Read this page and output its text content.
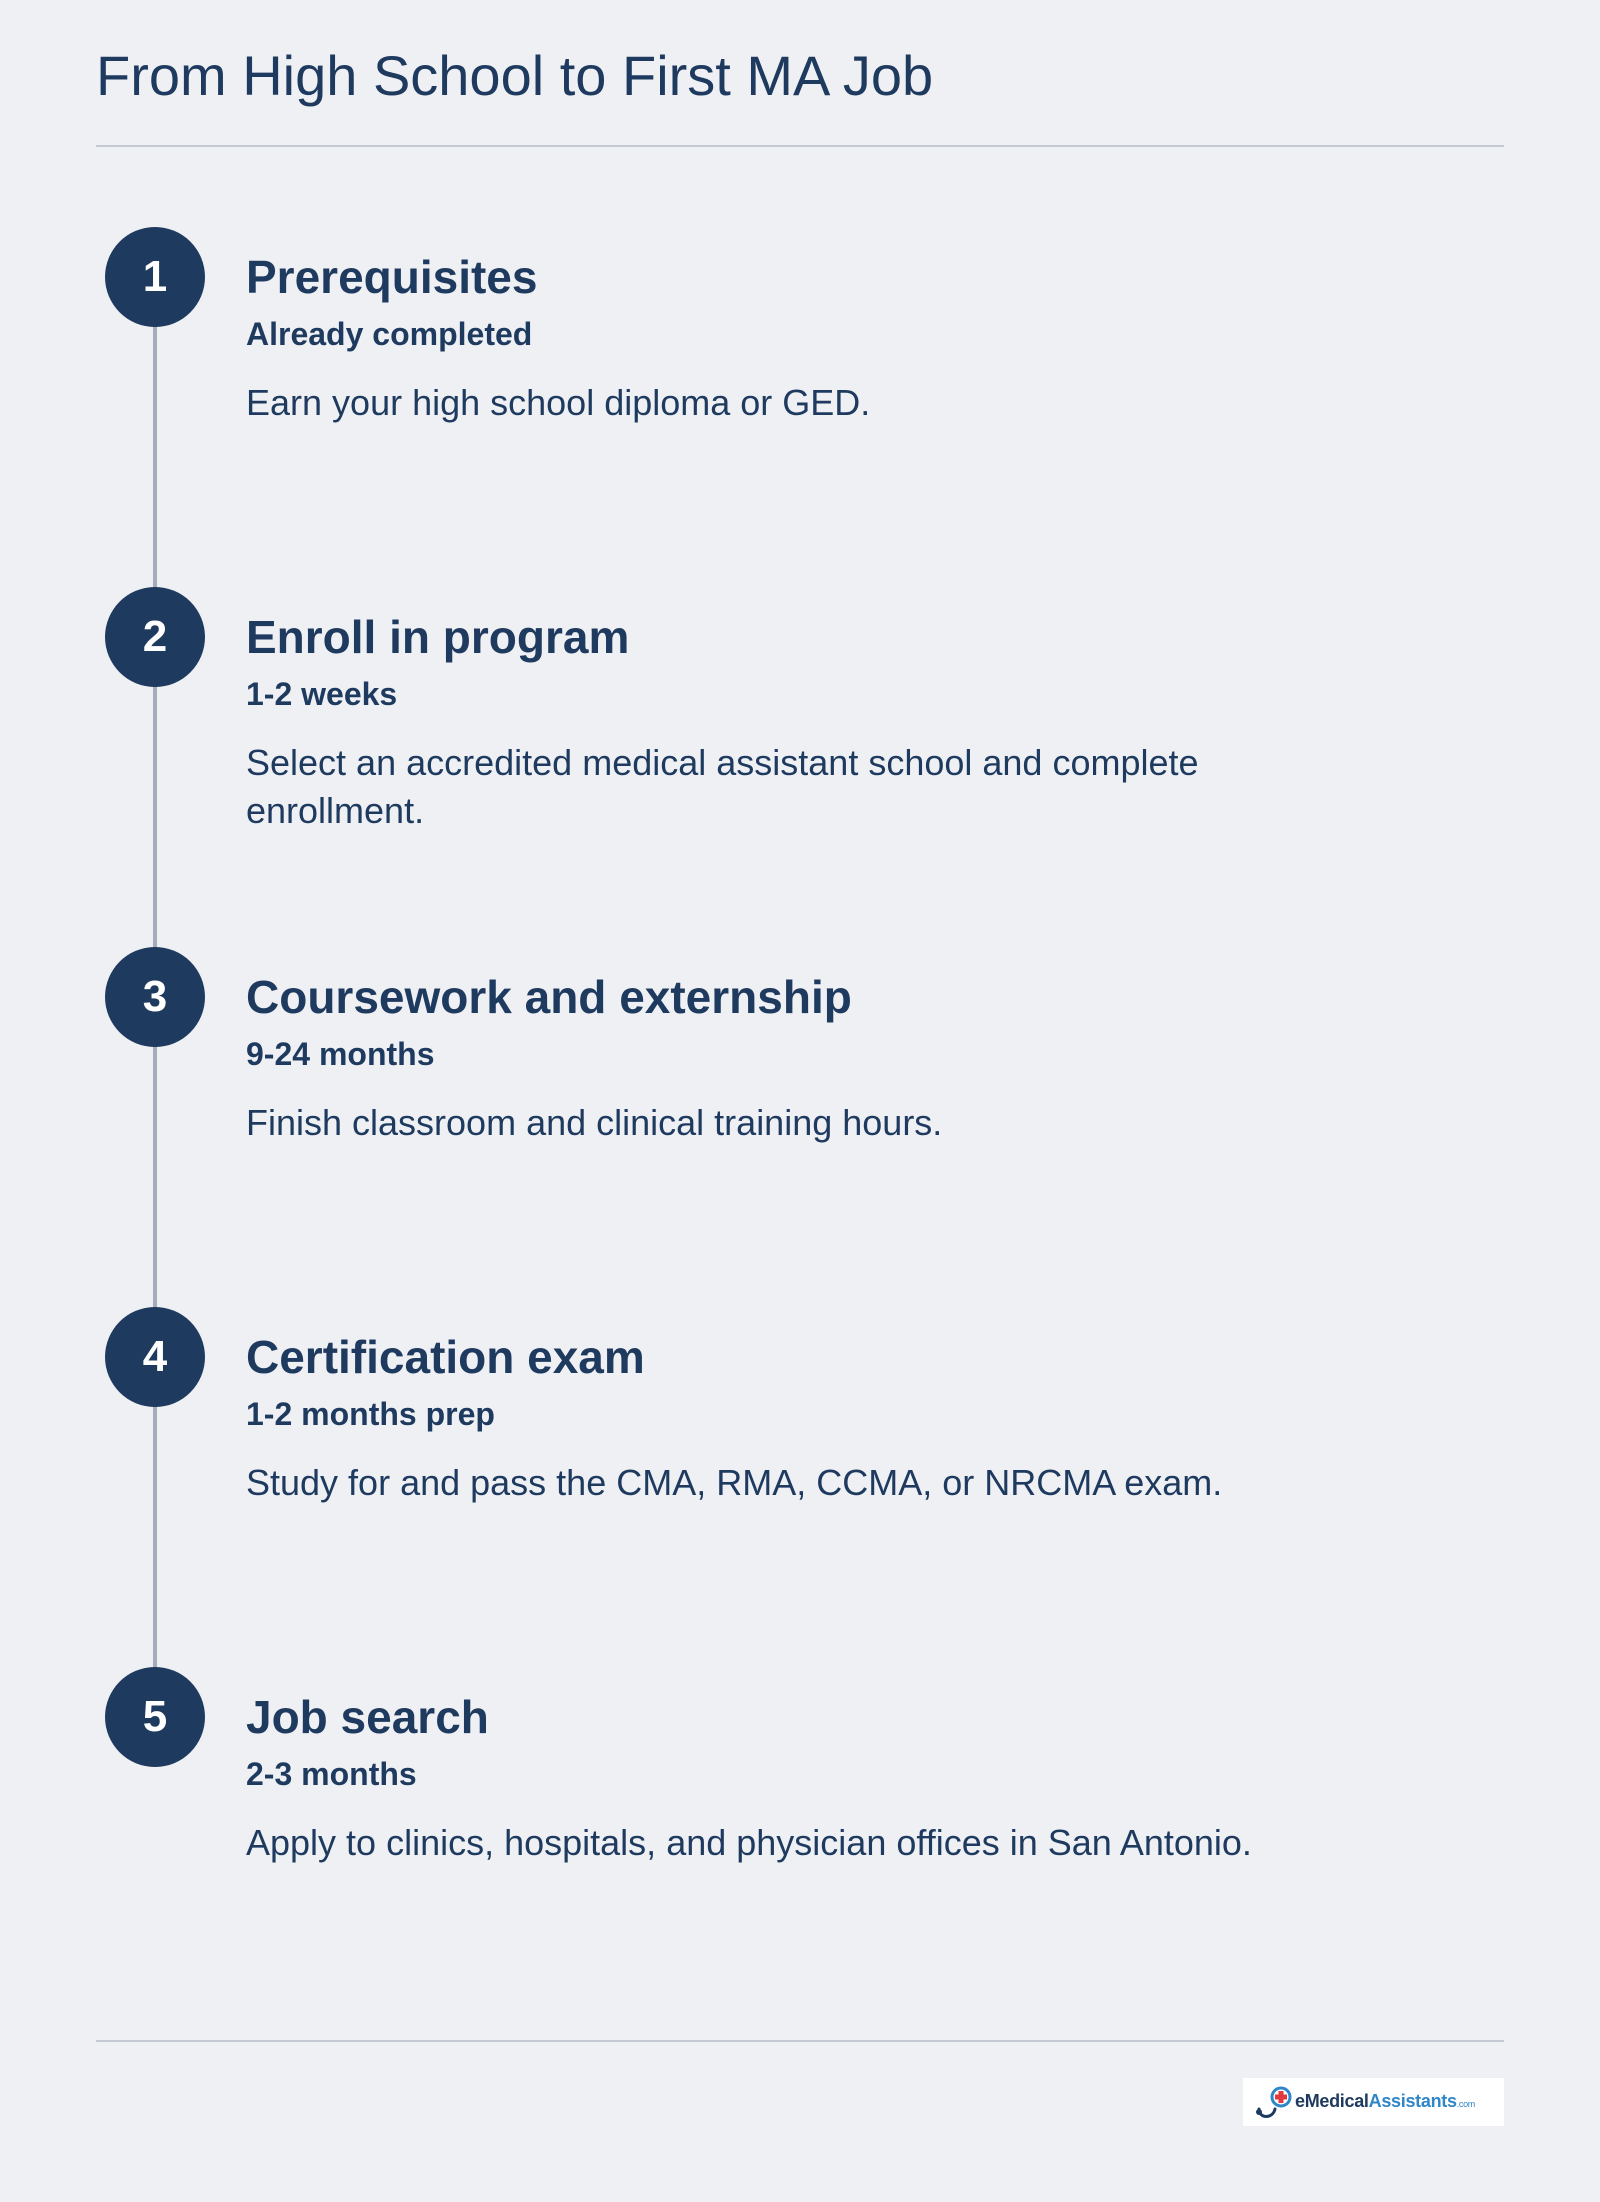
From High School to First MA Job
1	Prerequisites
Already completed

Earn your high school diploma or GED.

2	Enroll in program
1-2 weeks

Select an accredited medical assistant school and complete enrollment.

3	Coursework and externship
9-24 months

Finish classroom and clinical training hours.

4	Certification exam
1-2 months prep

Study for and pass the CMA, RMA, CCMA, or NRCMA exam.

5	Job search
2-3 months

Apply to clinics, hospitals, and physician offices in San Antonio.

eMedicalAssistants.com
